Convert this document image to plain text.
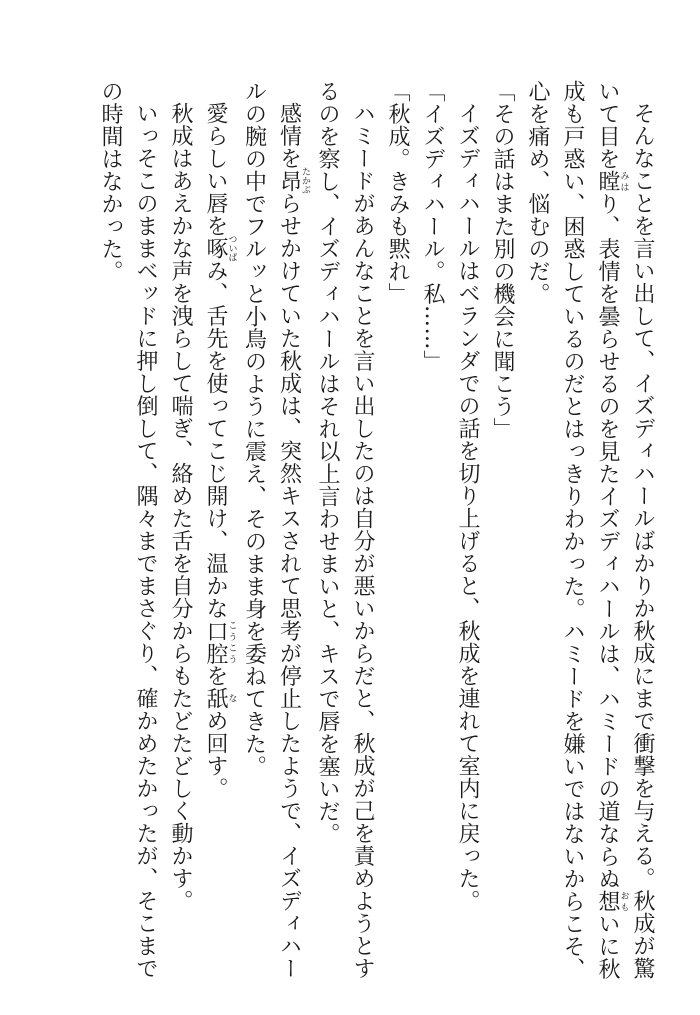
そんなことを言い出して、イズディハールばかりか秋成にまで衝撃を与える。秋成が驚いて目を瞠みはり、表情を曇らせるのを見たイズディハールは、ハミードの道ならぬ想おもいに秋成も戸惑い、困惑しているのだとはっきりわかった。ハミードを嫌いではないからこそ、心を痛め、悩むのだ。

「その話はまた別の機会に聞こう」

イズディハールはベランダでの話を切り上げると、秋成を連れて室内に戻った。

「イズディハール。私……」

「秋成。きみも黙れ」

ハミードがあんなことを言い出したのは自分が悪いからだと、秋成が己を責めようとするのを察し、イズディハールはそれ以上言わせまいと、キスで唇を塞いだ。

感情を昂たかぶらせかけていた秋成は、突然キスされて思考が停止したようで、イズディハールの腕の中でフルッと小鳥のように震え、そのまま身を委ねてきた。

愛らしい唇を啄ついばみ、舌先を使ってこじ開け、温かな口腔こうこうを舐なめ回す。

秋成はあえかな声を洩らして喘ぎ、絡めた舌を自分からもたどたどしく動かす。

いっそこのままベッドに押し倒して、隅々までまさぐり、確かめたかったが、そこまでの時間はなかった。
